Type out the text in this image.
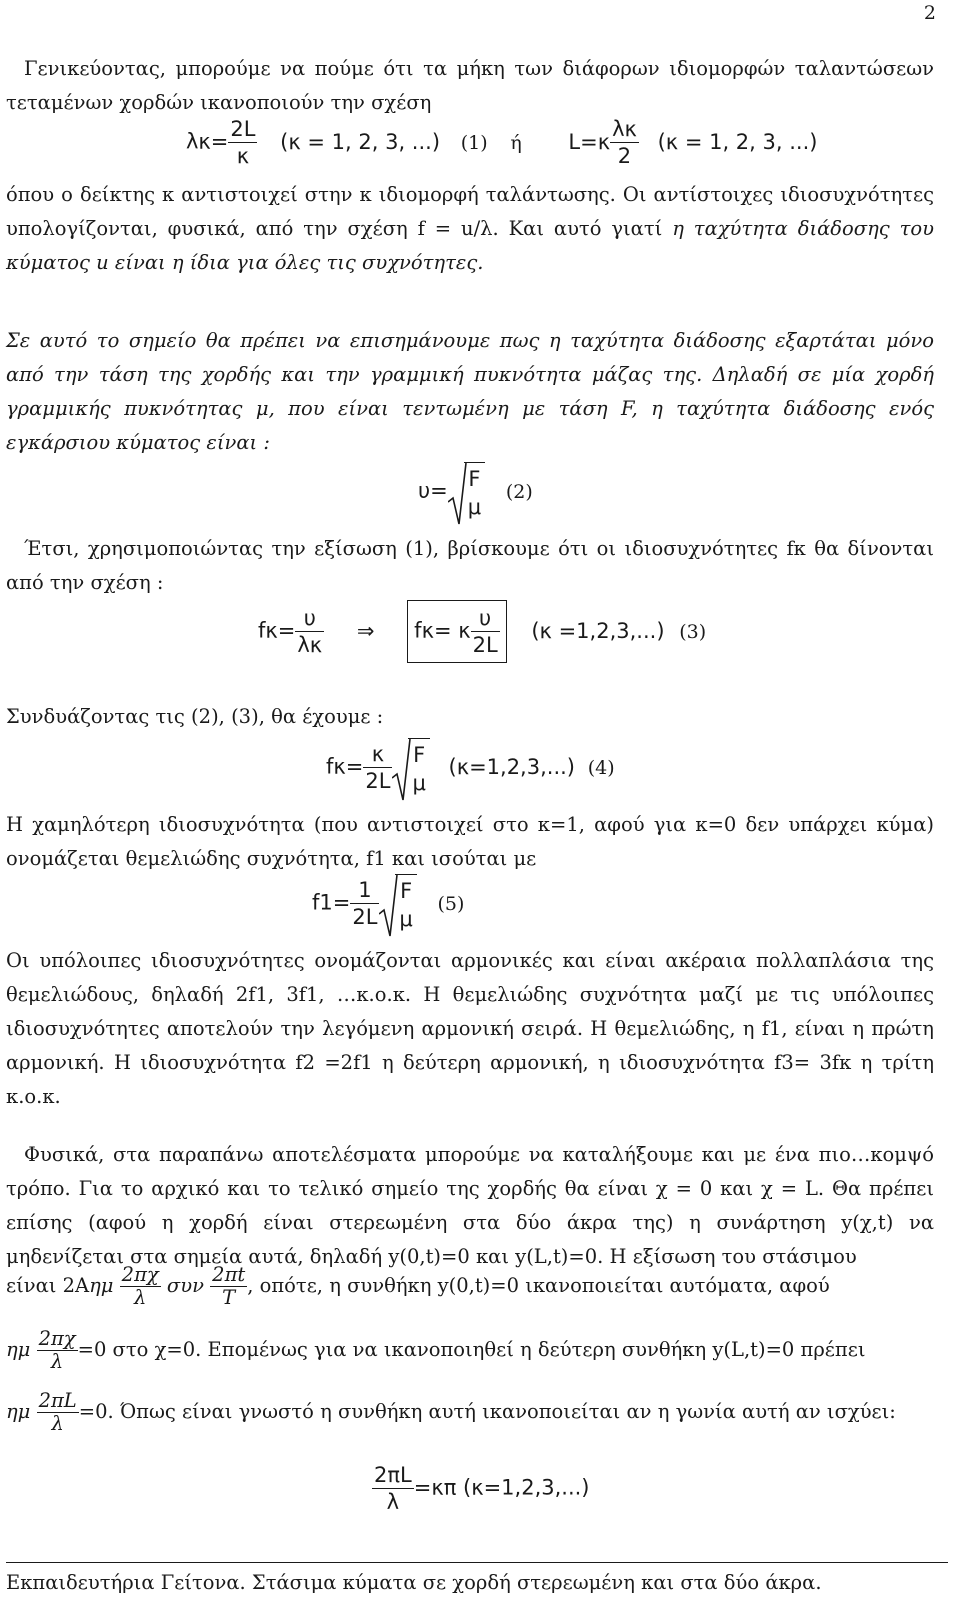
2

Γενικεύοντας, μπορούμε να πούμε ότι τα μήκη των διάφορων ιδιομορφών ταλαντώσεων τεταμένων χορδών ικανοποιούν την σχέση

$\lambda\kappa= \frac{2L}{\kappa} (\kappa = 1$, 2, 3, ...) (1) ή $L=\kappa \frac{\lambda\kappa}{2} (\kappa = 1$, 2, 3, ...)

όπου ο δείκτης κ αντιστοιχεί στην κ ιδιομορφή ταλάντωσης. Οι αντίστοιχες ιδιοσυχνότητες υπολογίζονται, φυσικά, από την σχέση f = u/λ. Και αυτό γιατί η ταχύτητα διάδοσης του κύματος u είναι η ίδια για όλες τις συχνότητες.

Σε αυτό το σημείο θα πρέπει να επισημάνουμε πως η ταχύτητα διάδοσης εξαρτάται μόνο από την τάση της χορδής και την γραμμική πυκνότητα μάζας της. Δηλαδή σε μία χορδή γραμμικής πυκνότητας μ, που είναι τεντωμένη με τάση F, η ταχύτητα διάδοσης ενός εγκάρσιου κύματος είναι :

υ= F
μ
(2)

Έτσι, χρησιμοποιώντας την εξίσωση (1), βρίσκουμε ότι οι ιδιοσυχνότητες fκ θα δίνονται από την σχέση :

$f\kappa= \frac{\upsilon}{\lambda\kappa}$ ⇒ fκ= κ $\frac{\upsilon}{2L} (\kappa =1,2,3,...)$ (3)

Συνδυάζοντας τις (2), (3), θα έχουμε :

$f\kappa= \frac{\kappa}{2L}$ F
μ
(κ=1,2,3,...) (4)

Η χαμηλότερη ιδιοσυχνότητα (που αντιστοιχεί στο κ=1, αφού για κ=0 δεν υπάρχει κύμα) ονομάζεται θεμελιώδης συχνότητα, f1 και ισούται με

$f1= \frac{1}{2L}$ F
μ
(5)

Οι υπόλοιπες ιδιοσυχνότητες ονομάζονται αρμονικές και είναι ακέραια πολλαπλάσια της θεμελιώδους, δηλαδή 2f1, 3f1, …κ.ο.κ. Η θεμελιώδης συχνότητα μαζί με τις υπόλοιπες ιδιοσυχνότητες αποτελούν την λεγόμενη αρμονική σειρά. Η θεμελιώδης, η f1, είναι η πρώτη αρμονική. Η ιδιοσυχνότητα f2 =2f1 η δεύτερη αρμονική, η ιδιοσυχνότητα f3= 3fκ η τρίτη κ.ο.κ.

Φυσικά, στα παραπάνω αποτελέσματα μπορούμε να καταλήξουμε και με ένα πιο…κομψό τρόπο. Για το αρχικό και το τελικό σημείο της χορδής θα είναι χ = 0 και χ = L. Θα πρέπει επίσης (αφού η χορδή είναι στερεωμένη στα δύο άκρα της) η συνάρτηση y(χ,t) να μηδενίζεται στα σημεία αυτά, δηλαδή y(0,t)=0 και y(L,t)=0. Η εξίσωση του στάσιμου

είναι $2A\eta\mu \frac{2\pi\chi}{\lambda}$ συν $\frac{2\pi t}{T}$ , οπότε, η συνθήκη y(0,t)=0 ικανοποιείται αυτόματα, αφού

ημ $\frac{2\pi\chi}{\lambda} =0$ στο χ=0. Επομένως για να ικανοποιηθεί η δεύτερη συνθήκη y(L,t)=0 πρέπει

ημ $\frac{2\pi L}{\lambda} =0$. Όπως είναι γνωστό η συνθήκη αυτή ικανοποιείται αν η γωνία αυτή αν ισχύει:

$\frac{2\pi L}{\lambda} =\kappa\pi$ (κ=1,2,3,...)
Εκπαιδευτήρια Γείτονα. Στάσιμα κύματα σε χορδή στερεωμένη και στα δύο άκρα.
